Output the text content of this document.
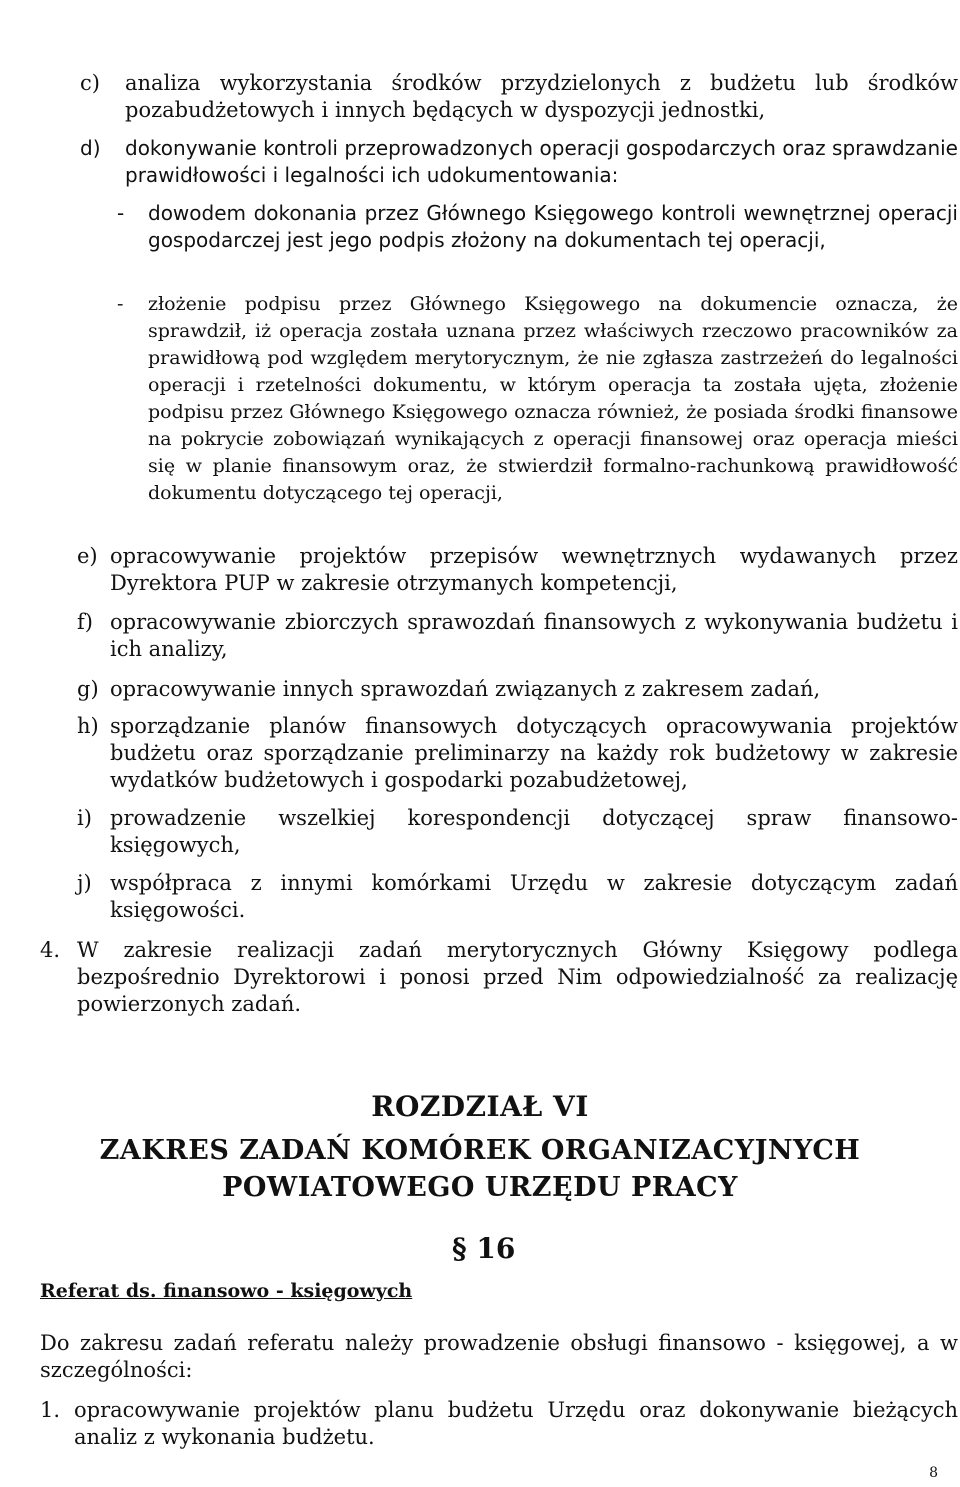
c) analiza wykorzystania środków przydzielonych z budżetu lub środków pozabudżetowych i innych będących w dyspozycji jednostki,
d) dokonywanie kontroli przeprowadzonych operacji gospodarczych oraz sprawdzanie prawidłowości i legalności ich udokumentowania:
- dowodem dokonania przez Głównego Księgowego kontroli wewnętrznej operacji gospodarczej jest jego podpis złożony na dokumentach tej operacji,
- złożenie podpisu przez Głównego Księgowego na dokumencie oznacza, że sprawdził, iż operacja została uznana przez właściwych rzeczowo pracowników za prawidłową pod względem merytorycznym, że nie zgłasza zastrzeżeń do legalności operacji i rzetelności dokumentu, w którym operacja ta została ujęta, złożenie podpisu przez Głównego Księgowego oznacza również, że posiada środki finansowe na pokrycie zobowiązań wynikających z operacji finansowej oraz operacja mieści się w planie finansowym oraz, że stwierdził formalno-rachunkową prawidłowość dokumentu dotyczącego tej operacji,
e) opracowywanie projektów przepisów wewnętrznych wydawanych przez Dyrektora PUP w zakresie otrzymanych kompetencji,
f) opracowywanie zbiorczych sprawozdań finansowych z wykonywania budżetu i ich analizy,
g) opracowywanie innych sprawozdań związanych z zakresem zadań,
h) sporządzanie planów finansowych dotyczących opracowywania projektów budżetu oraz sporządzanie preliminarzy na każdy rok budżetowy w zakresie wydatków budżetowych i gospodarki pozabudżetowej,
i) prowadzenie wszelkiej korespondencji dotyczącej spraw finansowo-księgowych,
j) współpraca z innymi komórkami Urzędu w zakresie dotyczącym zadań księgowości.
4. W zakresie realizacji zadań merytorycznych Główny Księgowy podlega bezpośrednio Dyrektorowi i ponosi przed Nim odpowiedzialność za realizację powierzonych zadań.
ROZDZIAŁ VI
ZAKRES ZADAŃ KOMÓREK ORGANIZACYJNYCH
POWIATOWEGO URZĘDU PRACY
§ 16
Referat ds. finansowo - księgowych
Do zakresu zadań referatu należy prowadzenie obsługi finansowo - księgowej, a w szczególności:
1. opracowywanie projektów planu budżetu Urzędu oraz dokonywanie bieżących analiz z wykonania budżetu.
8
